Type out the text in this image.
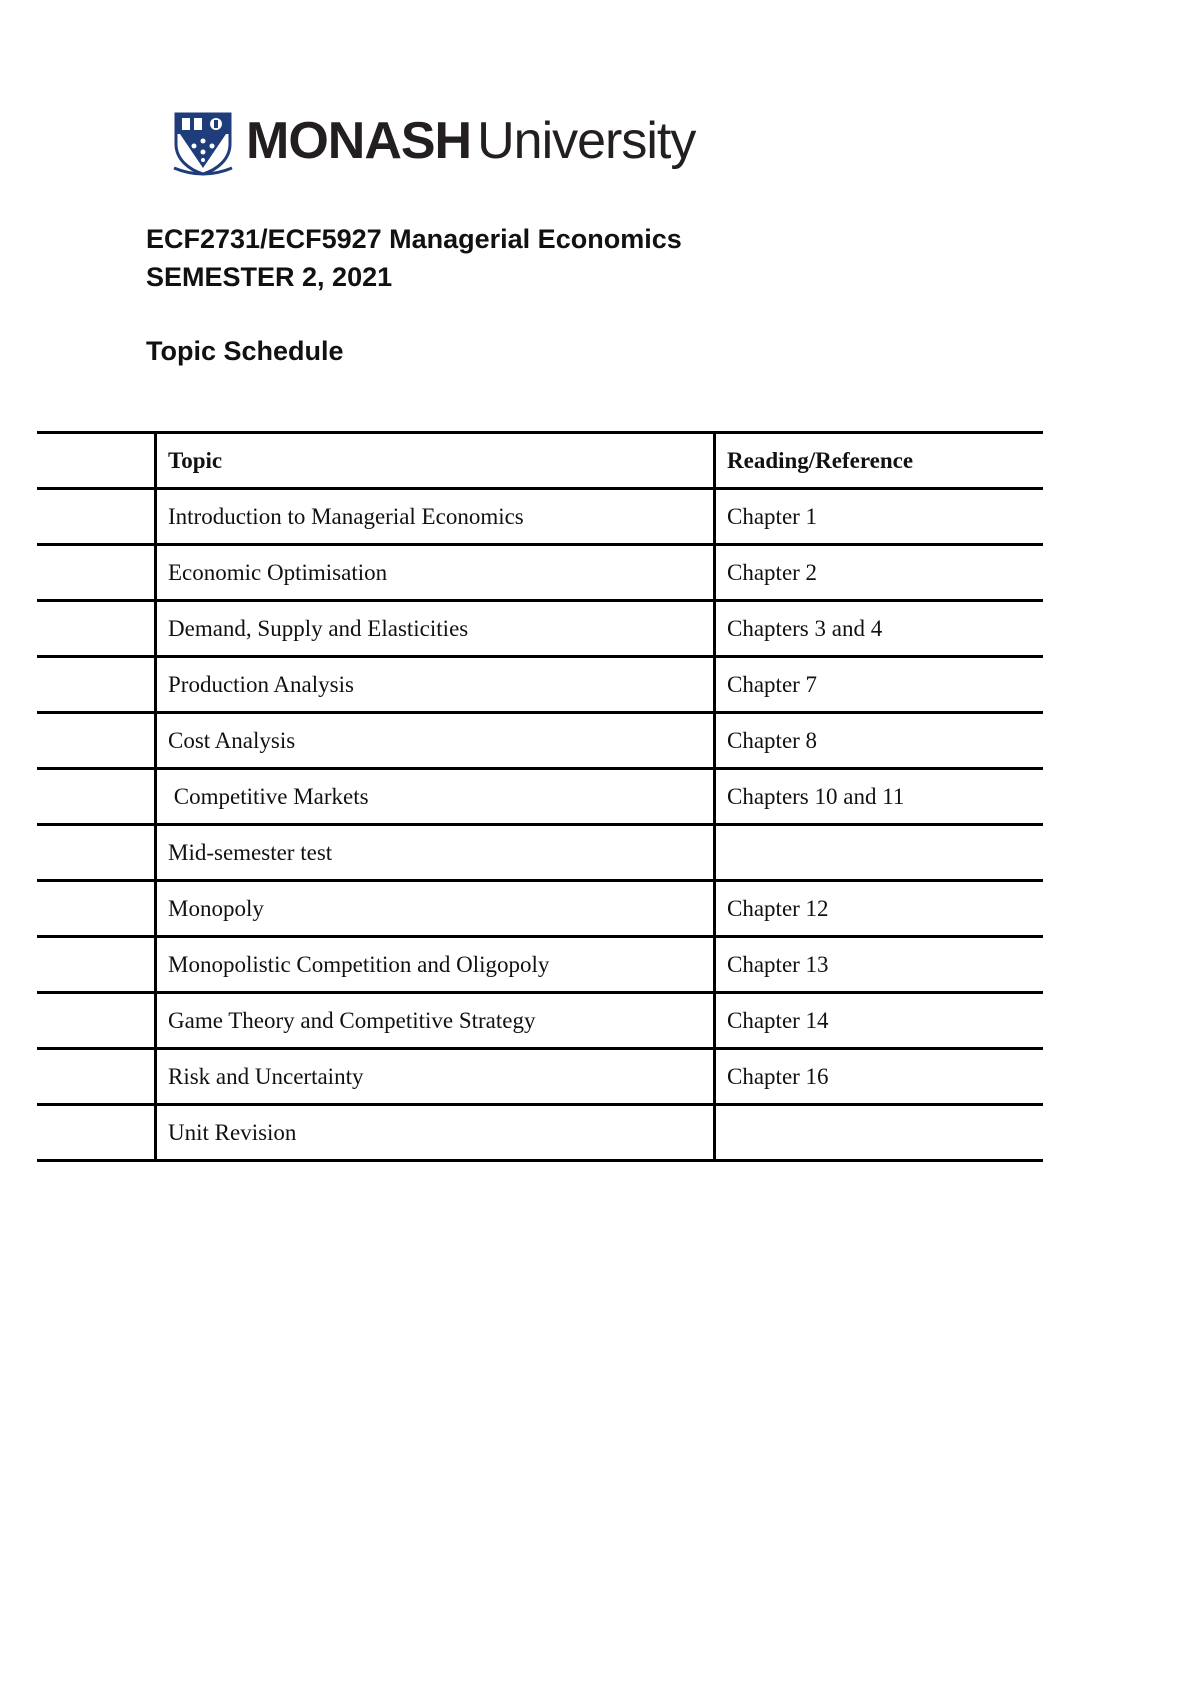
MONASH University
ECF2731/ECF5927 Managerial Economics
SEMESTER 2, 2021
Topic Schedule
	Topic	Reading/Reference
	Introduction to Managerial Economics	Chapter 1
	Economic Optimisation	Chapter 2
	Demand, Supply and Elasticities	Chapters 3 and 4
	Production Analysis	Chapter 7
	Cost Analysis	Chapter 8
	Competitive Markets	Chapters 10 and 11
	Mid-semester test	
	Monopoly	Chapter 12
	Monopolistic Competition and Oligopoly	Chapter 13
	Game Theory and Competitive Strategy	Chapter 14
	Risk and Uncertainty	Chapter 16
	Unit Revision	
